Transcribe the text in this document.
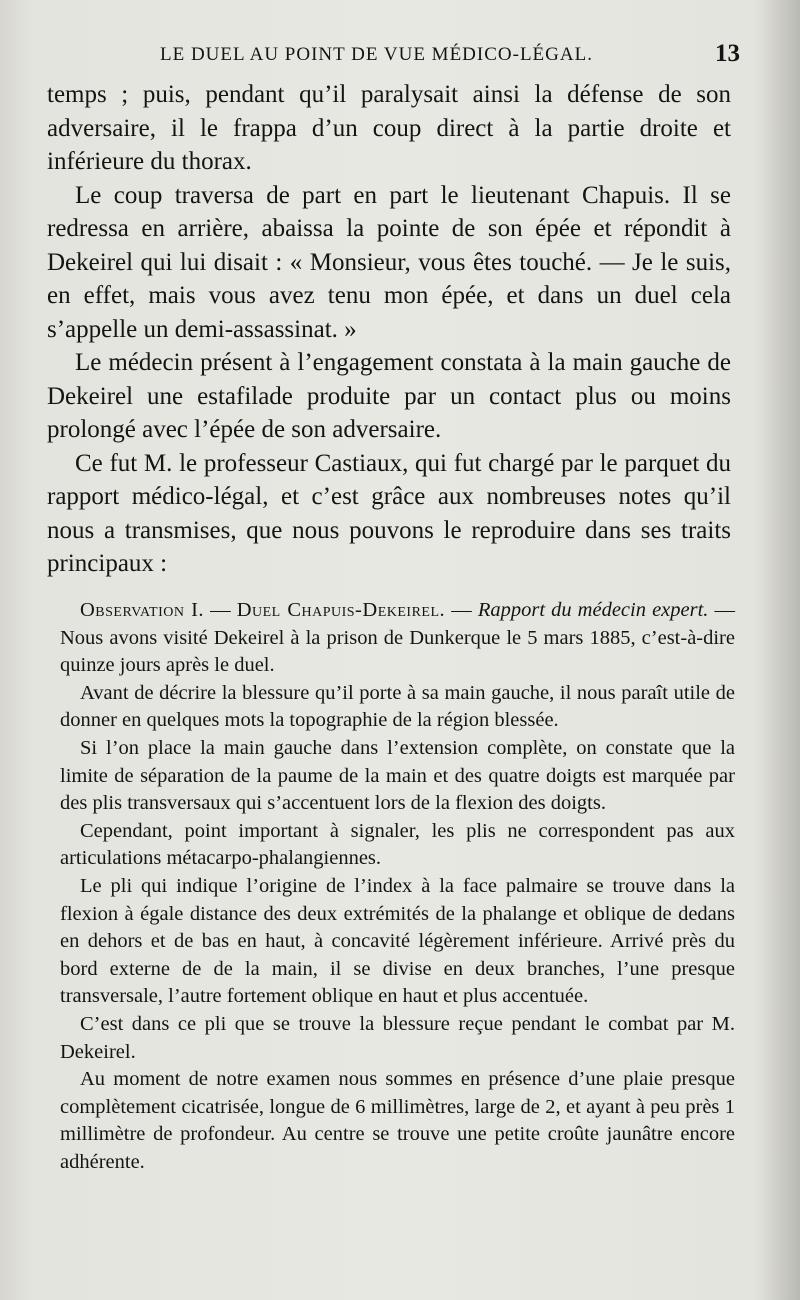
LE DUEL AU POINT DE VUE MÉDICO-LÉGAL.	13

temps ; puis, pendant qu’il paralysait ainsi la défense de son adversaire, il le frappa d’un coup direct à la partie droite et inférieure du thorax.

Le coup traversa de part en part le lieutenant Chapuis. Il se redressa en arrière, abaissa la pointe de son épée et répondit à Dekeirel qui lui disait : « Monsieur, vous êtes touché. — Je le suis, en effet, mais vous avez tenu mon épée, et dans un duel cela s’appelle un demi-assassinat. »

Le médecin présent à l’engagement constata à la main gauche de Dekeirel une estafilade produite par un contact plus ou moins prolongé avec l’épée de son adversaire.

Ce fut M. le professeur Castiaux, qui fut chargé par le parquet du rapport médico-légal, et c’est grâce aux nombreuses notes qu’il nous a transmises, que nous pouvons le reproduire dans ses traits principaux :

Observation I. — Duel Chapuis-Dekeirel. — Rapport du médecin expert. — Nous avons visité Dekeirel à la prison de Dunkerque le 5 mars 1885, c’est-à-dire quinze jours après le duel.

Avant de décrire la blessure qu’il porte à sa main gauche, il nous paraît utile de donner en quelques mots la topographie de la région blessée.

Si l’on place la main gauche dans l’extension complète, on constate que la limite de séparation de la paume de la main et des quatre doigts est marquée par des plis transversaux qui s’accentuent lors de la flexion des doigts.

Cependant, point important à signaler, les plis ne correspondent pas aux articulations métacarpo-phalangiennes.

Le pli qui indique l’origine de l’index à la face palmaire se trouve dans la flexion à égale distance des deux extrémités de la phalange et oblique de dedans en dehors et de bas en haut, à concavité légèrement inférieure. Arrivé près du bord externe de de la main, il se divise en deux branches, l’une presque transversale, l’autre fortement oblique en haut et plus accentuée.

C’est dans ce pli que se trouve la blessure reçue pendant le combat par M. Dekeirel.

Au moment de notre examen nous sommes en présence d’une plaie presque complètement cicatrisée, longue de 6 millimètres, large de 2, et ayant à peu près 1 millimètre de profondeur. Au centre se trouve une petite croûte jaunâtre encore adhérente.
